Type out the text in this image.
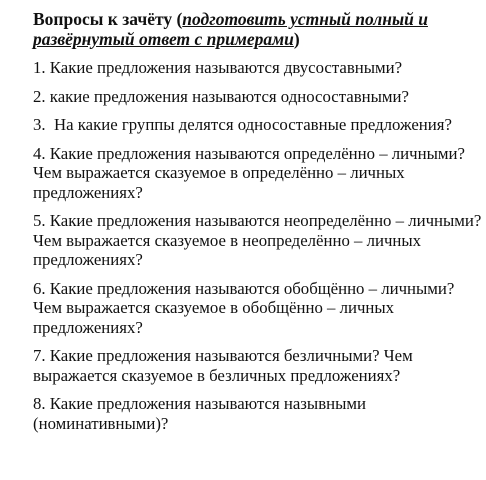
Вопросы к зачёту (подготовить устный полный и развёрнутый ответ с примерами)

1. Какие предложения называются двусоставными?

2. какие предложения называются односоставными?

3.  На какие группы делятся односоставные предложения?

4. Какие предложения называются определённо – личными? Чем выражается сказуемое в определённо – личных предложениях?

5. Какие предложения называются неопределённо – личными? Чем выражается сказуемое в неопределённо – личных предложениях?

6. Какие предложения называются обобщённо – личными? Чем выражается сказуемое в обобщённо – личных предложениях?

7. Какие предложения называются безличными? Чем выражается сказуемое в безличных предложениях?

8. Какие предложения называются назывными (номинативными)?
